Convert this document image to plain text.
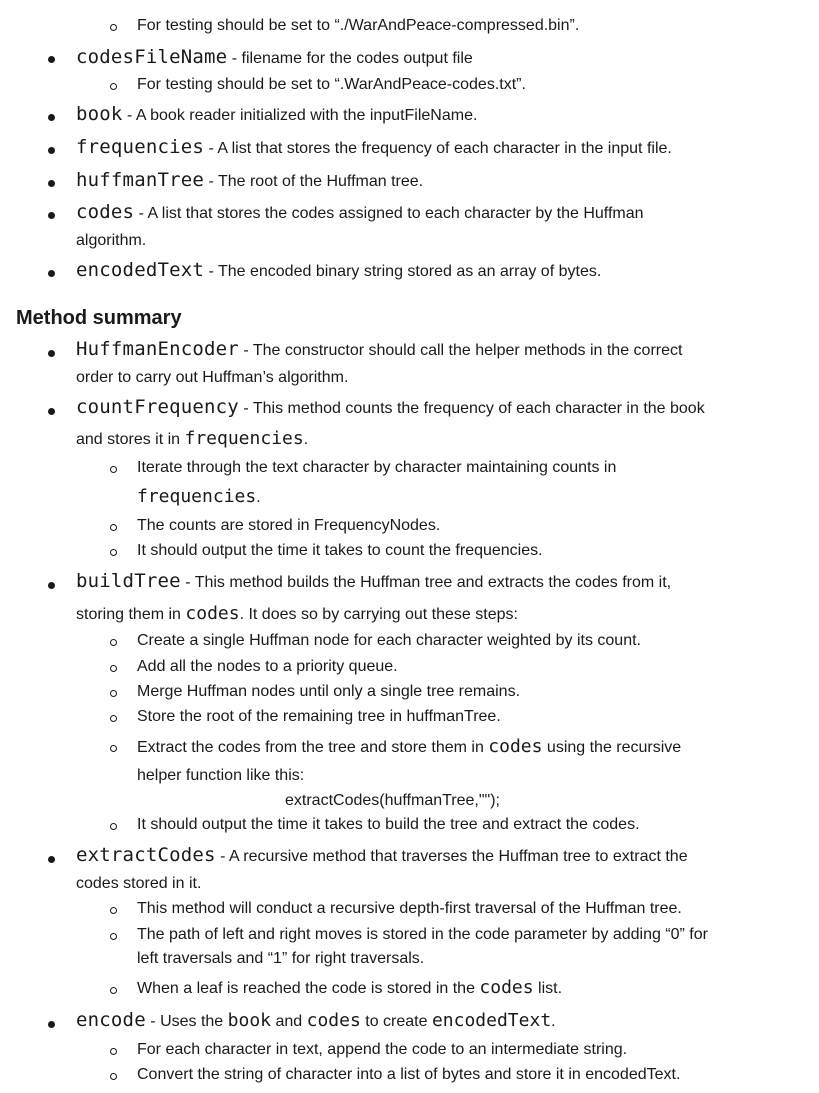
For testing should be set to “./WarAndPeace-compressed.bin”.
codesFileName - filename for the codes output file
For testing should be set to “.WarAndPeace-codes.txt”.
book - A book reader initialized with the inputFileName.
frequencies - A list that stores the frequency of each character in the input file.
huffmanTree - The root of the Huffman tree.
codes - A list that stores the codes assigned to each character by the Huffman
algorithm.
encodedText - The encoded binary string stored as an array of bytes.
Method summary
HuffmanEncoder - The constructor should call the helper methods in the correct
order to carry out Huffman’s algorithm.
countFrequency - This method counts the frequency of each character in the book
and stores it in frequencies.
Iterate through the text character by character maintaining counts in
frequencies.
The counts are stored in FrequencyNodes.
It should output the time it takes to count the frequencies.
buildTree - This method builds the Huffman tree and extracts the codes from it,
storing them in codes. It does so by carrying out these steps:
Create a single Huffman node for each character weighted by its count.
Add all the nodes to a priority queue.
Merge Huffman nodes until only a single tree remains.
Store the root of the remaining tree in huffmanTree.
Extract the codes from the tree and store them in codes using the recursive
helper function like this:
extractCodes(huffmanTree,"");
It should output the time it takes to build the tree and extract the codes.
extractCodes - A recursive method that traverses the Huffman tree to extract the
codes stored in it.
This method will conduct a recursive depth-first traversal of the Huffman tree.
The path of left and right moves is stored in the code parameter by adding “0” for
left traversals and “1” for right traversals.
When a leaf is reached the code is stored in the codes list.
encode - Uses the book and codes to create encodedText.
For each character in text, append the code to an intermediate string.
Convert the string of character into a list of bytes and store it in encodedText.
